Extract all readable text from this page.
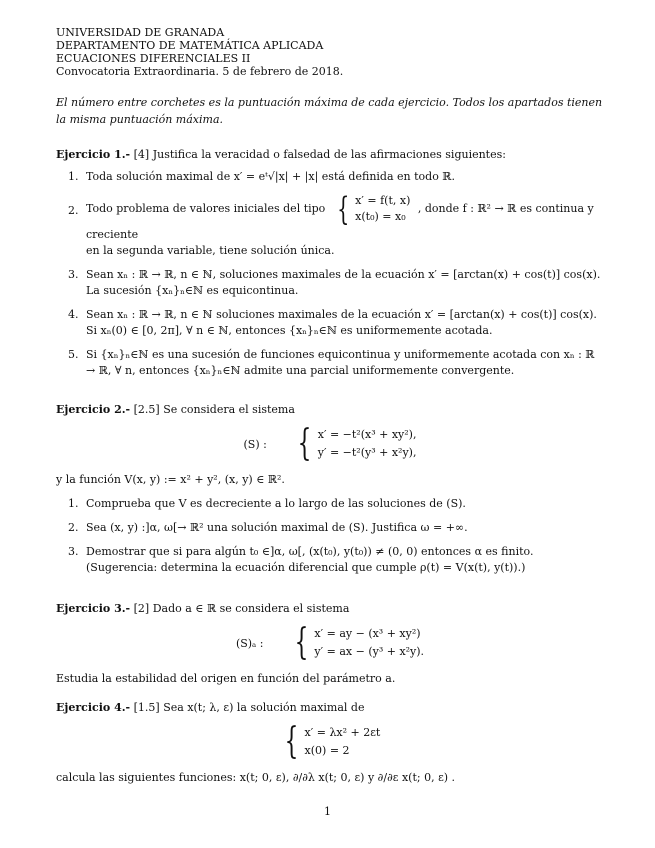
UNIVERSIDAD DE GRANADA
DEPARTAMENTO DE MATEMÁTICA APLICADA
ECUACIONES DIFERENCIALES II
Convocatoria Extraordinaria. 5 de febrero de 2018.
El número entre corchetes es la puntuación máxima de cada ejercicio. Todos los apartados tienen la misma puntuación máxima.
Ejercicio 1.- [4] Justifica la veracidad o falsedad de las afirmaciones siguientes:
1. Toda solución maximal de x′ = eᵗ√|x| + |x| está definida en todo ℝ.
2. Todo problema de valores iniciales del tipo { x′ = f(t, x)
x(t₀) = x₀
, donde f : ℝ² → ℝ es continua y creciente
en la segunda variable, tiene solución única.
3. Sean xₙ : ℝ → ℝ, n ∈ ℕ, soluciones maximales de la ecuación x′ = [arctan(x) + cos(t)] cos(x). La sucesión {xₙ}ₙ∈ℕ es equicontinua.
4. Sean xₙ : ℝ → ℝ, n ∈ ℕ soluciones maximales de la ecuación x′ = [arctan(x) + cos(t)] cos(x). Si xₙ(0) ∈ [0, 2π], ∀ n ∈ ℕ, entonces {xₙ}ₙ∈ℕ es uniformemente acotada.
5. Si {xₙ}ₙ∈ℕ es una sucesión de funciones equicontinua y uniformemente acotada con xₙ : ℝ → ℝ, ∀ n, entonces {xₙ}ₙ∈ℕ admite una parcial uniformemente convergente.
Ejercicio 2.- [2.5] Se considera el sistema
(S) : { x′ = −t²(x³ + xy²),
y′ = −t²(y³ + x²y),
y la función V(x, y) := x² + y², (x, y) ∈ ℝ².
1. Comprueba que V es decreciente a lo largo de las soluciones de (S).
2. Sea (x, y) :]α, ω[→ ℝ² una solución maximal de (S). Justifica ω = +∞.
3. Demostrar que si para algún t₀ ∈]α, ω[, (x(t₀), y(t₀)) ≠ (0, 0) entonces α es finito. (Sugerencia: determina la ecuación diferencial que cumple ρ(t) = V(x(t), y(t)).)
Ejercicio 3.- [2] Dado a ∈ ℝ se considera el sistema
(S)ₐ : { x′ = ay − (x³ + xy²)
y′ = ax − (y³ + x²y).
Estudia la estabilidad del origen en función del parámetro a.
Ejercicio 4.- [1.5] Sea x(t; λ, ε) la solución maximal de
{ x′ = λx² + 2εt
x(0) = 2
calcula las siguientes funciones: x(t; 0, ε), ∂/∂λ x(t; 0, ε) y ∂/∂ε x(t; 0, ε) .
1
